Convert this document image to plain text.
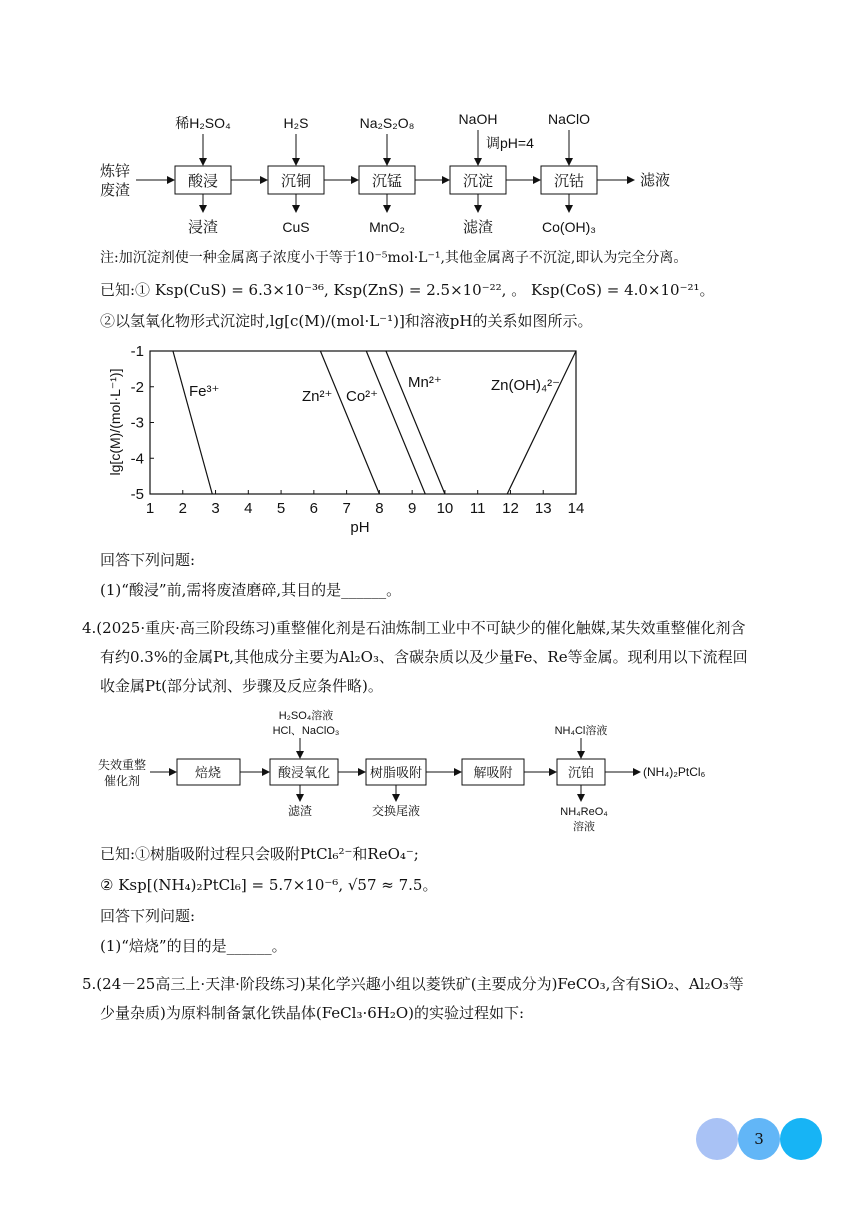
炼锌
废渣
酸浸	沉铜	沉锰	沉淀	沉钴	滤液
稀H₂SO₄	H₂S	Na₂S₂O₈	NaOH
调pH=4
NaClO
浸渣	CuS	MnO₂	滤渣	Co(OH)₃
注:加沉淀剂使一种金属离子浓度小于等于10⁻⁵mol·L⁻¹,其他金属离子不沉淀,即认为完全分离。
已知:① Ksp(CuS) = 6.3×10⁻³⁶, Ksp(ZnS) = 2.5×10⁻²², 。 Ksp(CoS) = 4.0×10⁻²¹。
②以氢氧化物形式沉淀时,lg[c(M)/(mol·L⁻¹)]和溶液pH的关系如图所示。
1 2 3 4 5 6 7 8 9 10 11 12 13 14
-1
-2
-3
-4
-5
lg[c(M)/(mol·L⁻¹)]
pH
Fe³⁺	Zn²⁺ Co²⁺
Mn²⁺	Zn(OH)₄²⁻
回答下列问题:
(1)“酸浸”前,需将废渣磨碎,其目的是______。
4.(2025·重庆·高三阶段练习)重整催化剂是石油炼制工业中不可缺少的催化触媒,某失效重整催化剂含
有约0.3%的金属Pt,其他成分主要为Al₂O₃、含碳杂质以及少量Fe、Re等金属。现利用以下流程回
收金属Pt(部分试剂、步骤及反应条件略)。
失效重整
催化剂
焙烧	酸浸氧化	树脂吸附	解吸附	沉铂	(NH₄)₂PtCl₆
H₂SO₄溶液
HCl、NaClO₃	NH₄Cl溶液
滤渣	交换尾液	NH₄ReO₄
溶液
已知:①树脂吸附过程只会吸附PtCl₆²⁻和ReO₄⁻;
② Ksp[(NH₄)₂PtCl₆] = 5.7×10⁻⁶, √57 ≈ 7.5。
回答下列问题:
(1)“焙烧”的目的是______。
5.(24－25高三上·天津·阶段练习)某化学兴趣小组以菱铁矿(主要成分为)FeCO₃,含有SiO₂、Al₂O₃等
少量杂质)为原料制备氯化铁晶体(FeCl₃·6H₂O)的实验过程如下:
3
